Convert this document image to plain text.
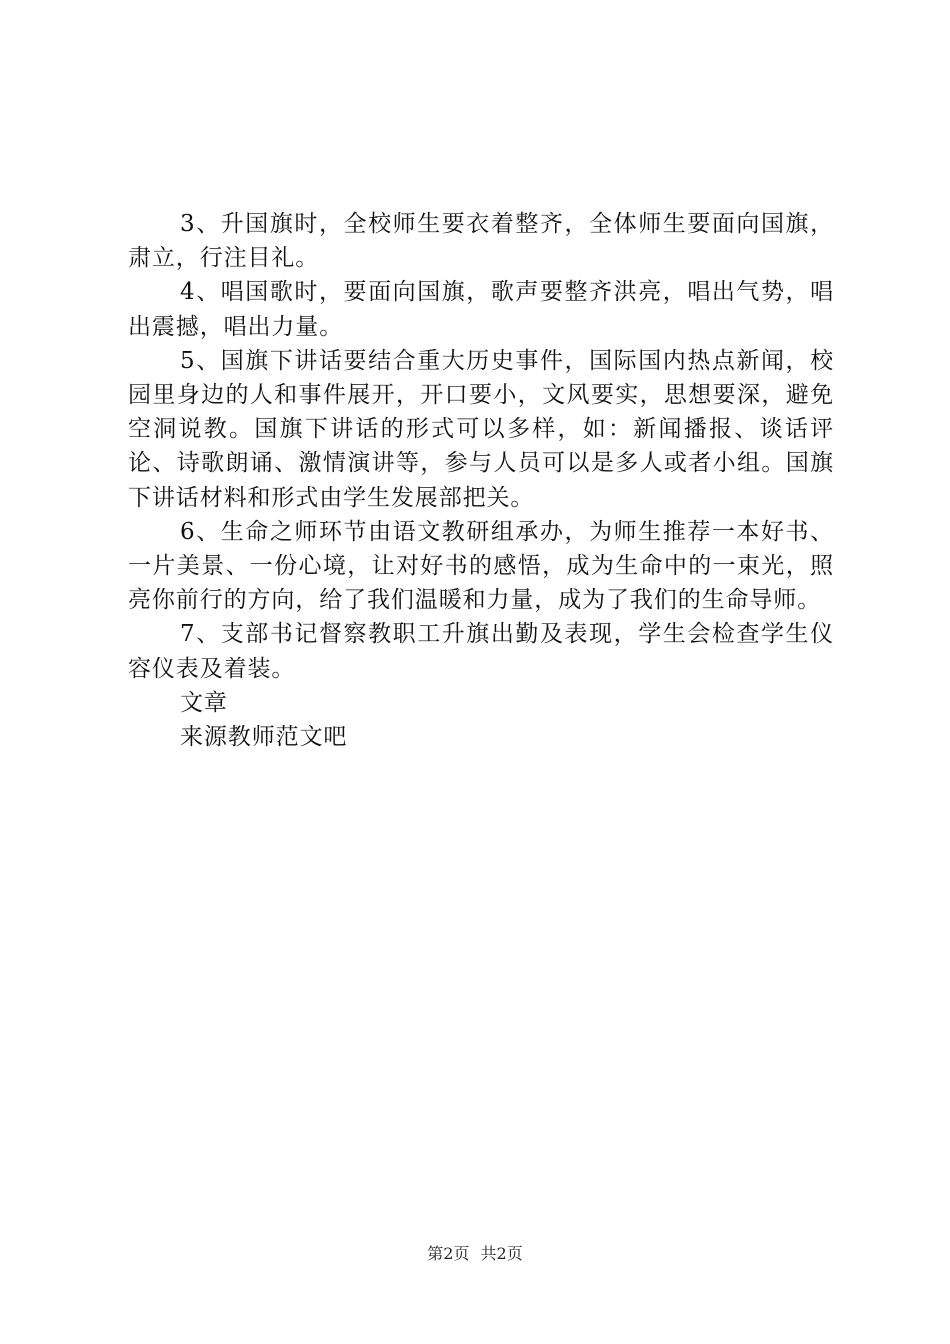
3、升国旗时，全校师生要衣着整齐，全体师生要面向国旗，肃立，行注目礼。

4、唱国歌时，要面向国旗，歌声要整齐洪亮，唱出气势，唱出震撼，唱出力量。

5、国旗下讲话要结合重大历史事件，国际国内热点新闻，校园里身边的人和事件展开，开口要小，文风要实，思想要深，避免空洞说教。国旗下讲话的形式可以多样，如：新闻播报、谈话评论、诗歌朗诵、激情演讲等，参与人员可以是多人或者小组。国旗下讲话材料和形式由学生发展部把关。

6、生命之师环节由语文教研组承办，为师生推荐一本好书、一片美景、一份心境，让对好书的感悟，成为生命中的一束光，照亮你前行的方向，给了我们温暖和力量，成为了我们的生命导师。

7、支部书记督察教职工升旗出勤及表现，学生会检查学生仪容仪表及着装。

文章

来源教师范文吧

第2页 共2页
